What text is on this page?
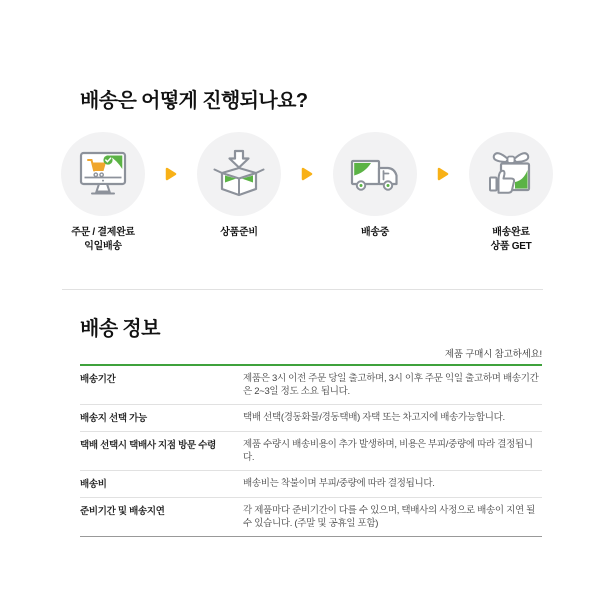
배송은 어떻게 진행되나요?
주문 / 결제완료
익일배송
상품준비	배송중	배송완료
상품 GET
배송 정보
제품 구매시 참고하세요!
배송기간	제품은 3시 이전 주문 당일 출고하며, 3시 이후 주문 익일 출고하며 배송기간은 2~3일 정도 소요 됩니다.
배송지 선택 가능	택배 선택(경동화물/경동택배) 자택 또는 차고지에 배송가능합니다.
택배 선택시 택배사 지점 방문 수령	제품 수량시 배송비용이 추가 발생하며, 비용은 부피/중량에 따라 결정됩니다.
배송비	배송비는 착불이며 부피/중량에 따라 결정됩니다.
준비기간 및 배송지연	각 제품마다 준비기간이 다를 수 있으며, 택배사의 사정으로 배송이 지연 될 수 있습니다. (주말 및 공휴일 포함)
